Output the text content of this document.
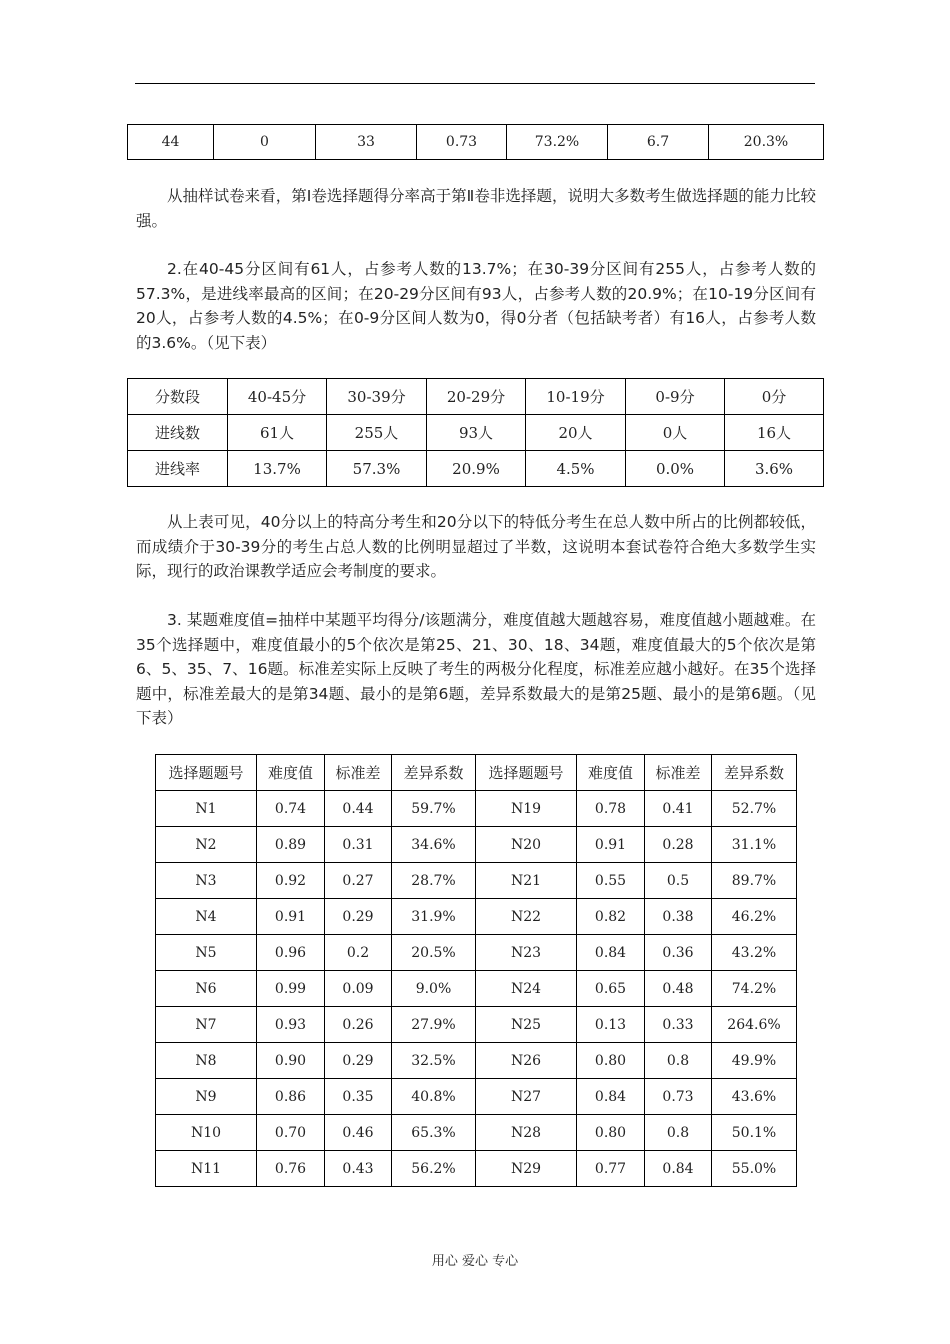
44	0	33	0.73	73.2%	6.7	20.3%

从抽样试卷来看，第Ⅰ卷选择题得分率高于第Ⅱ卷非选择题，说明大多数考生做选择题的能力比较强。

2.在40-45分区间有61人，占参考人数的13.7%；在30-39分区间有255人，占参考人数的57.3%，是进线率最高的区间；在20-29分区间有93人，占参考人数的20.9%；在10-19分区间有20人，占参考人数的4.5%；在0-9分区间人数为0，得0分者（包括缺考者）有16人，占参考人数的3.6%。（见下表）

分数段	40-45分	30-39分	20-29分	10-19分	0-9分	0分
进线数	61人	255人	93人	20人	0人	16人
进线率	13.7%	57.3%	20.9%	4.5%	0.0%	3.6%

从上表可见，40分以上的特高分考生和20分以下的特低分考生在总人数中所占的比例都较低，而成绩介于30-39分的考生占总人数的比例明显超过了半数，这说明本套试卷符合绝大多数学生实际，现行的政治课教学适应会考制度的要求。

3. 某题难度值=抽样中某题平均得分/该题满分，难度值越大题越容易，难度值越小题越难。在35个选择题中，难度值最小的5个依次是第25、21、30、18、34题，难度值最大的5个依次是第6、5、35、7、16题。标准差实际上反映了考生的两极分化程度，标准差应越小越好。在35个选择题中，标准差最大的是第34题、最小的是第6题，差异系数最大的是第25题、最小的是第6题。（见下表）

选择题题号	难度值	标准差	差异系数	选择题题号	难度值	标准差	差异系数
N1	0.74	0.44	59.7%	N19	0.78	0.41	52.7%
N2	0.89	0.31	34.6%	N20	0.91	0.28	31.1%
N3	0.92	0.27	28.7%	N21	0.55	0.5	89.7%
N4	0.91	0.29	31.9%	N22	0.82	0.38	46.2%
N5	0.96	0.2	20.5%	N23	0.84	0.36	43.2%
N6	0.99	0.09	9.0%	N24	0.65	0.48	74.2%
N7	0.93	0.26	27.9%	N25	0.13	0.33	264.6%
N8	0.90	0.29	32.5%	N26	0.80	0.8	49.9%
N9	0.86	0.35	40.8%	N27	0.84	0.73	43.6%
N10	0.70	0.46	65.3%	N28	0.80	0.8	50.1%
N11	0.76	0.43	56.2%	N29	0.77	0.84	55.0%
用心 爱心 专心
